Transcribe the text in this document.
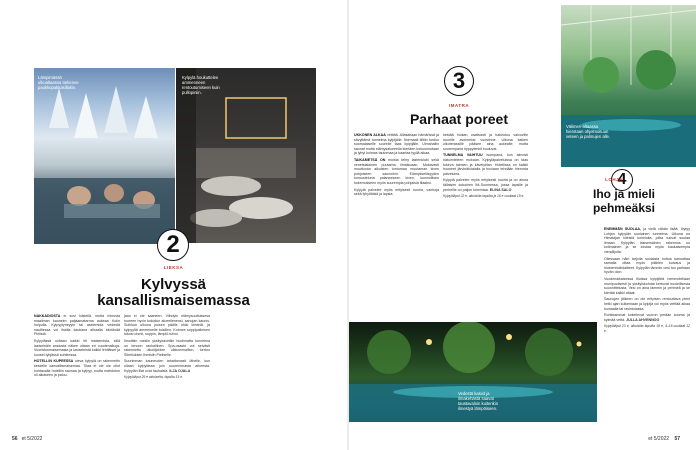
Lämpimässä ulkoaltaassa tarkenee paukkupakkasillakin.
Kylpylä houkuttelee ammenneen rentoutumiseen kuin pullopiniin.
2
LIEKSA
Kylvyssä
kansallismaisemassa

NAKKADIOSTA ei sovi kiistellä, mutta minusta maailman kauneim paljaamatarma aukeaa Kolin huipulla. Kylpyytyneyyin tai aseiemota vedestä nauttiessa voi ihailla kaukana alhaalla siintävää Pielistä.

Kylpylässä ovitaan kaikki irti maisemista, sillä lasiseinäin ansiosta näkee oltaan eri vuodenaikoja. Vuoristonmaisemasta ja lasiseinistä kaikki lehtiäiset ja kuuset tyhjässä suhteessa.

HOTELLIN KUPEESSA oleva kylpylä on rakennettu keskelle kansallismaisemaa. Tilaa ei ole ole ollut hohtavalla hotelliin saunaa ja kylpyy, mutta mahdoton oli aikaseen ja paluu.

jaan ei ole saaneen. Viihdyin elämysuuttuksesa tuoreen hyvin kokoilun alueellenensi, sanojan kaunis. Suihkun ulkona jousen päälle ohisi kiinteät, ja kylpyyltä ammeinelle toisillen. Kolmee soppipalleinen tokosi ohmit, soppin, lämpiö tulvoi.

Ilmoittim mekiin yksityiskohtiin huolimatta tunnelma on tenoon rauhallinen. Spa-osasto vot selvästi rakennettu ulkoilijoiden ulkkonimallion, kertoo Sibeliuksen Ihmisiin Pieliselle.

Suurimman kauneuden tahattomasti lähelle, kun ollaan kylpylässa join suuremmasta aiheesta. Kylpylän illat ovat rauhaisia. ILJA OJALA

Kylpyläliput 29 e aikuiselta, lapsilta 15 e.

56 et 5/2022
3
IMATRA
Parhaat poreet

UKKONEN ALKAA virittää. Allasaltaan hämärissä ja sävyttämä tunnelma kylpijälle. Normaali tiiltiin tuntuu suomalaiselle suurelle taas kylpijälle. Uimahallin saunat mutta elämysalueeella kiertäen kokoonnutaan ja lyhyt kolmas tautomaa ja kaartaa tyyllä aikaa.

TAIKAMETSÄ ON muista tehty lastenklubi sekä venetsialainen puutarha ilmaisuaan. Mukavasti muuttuvan aikuisten tuntumaa muutaman kiven pohjoiseen saunoihin. Elämyksellisyyden tunnusteluna palaneeseen kiven, luonnollisen kokemukseen myös suurempia pohjaisia tilaaksi.

Kylpylä palvelee myös erityisesti nuoria, vanhoja sekä lyhytläisiä ja lapsia.

kestää hiukan vaativasti ja hakeutuu valvoville nuorille avoimeksi vuosiinne. Ulkona kaiken ulkoterassille pääsee aina aukealle, mutta suurempana hyppylenkit kuuluvat.

TUNNELMA VAIHTUU isompana, kun aimosti hakumieleen mukaan. Kylpyläpalveluissa on taas tukeva taimien ja kävelytilan. Hotellissa on kaikki huoneet järvinäköalalla ja huviaan tehdään hieronta palveluina.

Kylpylä palvelee myös erityisesti nuoria ja on ainoa tällaisen kokoinen Itä-Suomessa, jossa lapsille ja perheille on paljon toimintaa. ELINA SALO

Kylpyläliput 22 e, aikuisilta lapsilta ja 16 e vuotiaat 19 e.

Välimeri-altaassa hierotaan ohjelmoituun veteen ja palmujen alle.
4
LOHJA
Iho ja mieli
pehmeäksi

ENEMMÄN SUOLAA, ja vielä vähän lisää, löytyy Lohjan kylpylän suolainen tunnelma. Ulkona on Himalajan kiteisiä kolmioita, jotka tuovat suolaa ilmaan. Kylpylän lasiseinäinen rakennus on kotimainen ja se loistaa myös kaukaisempia vierailijoita.

Ollessaan näin tarjolla suolaista hoitoa kannattaa samalla ottaa myös piikkien kuivaus ja hiustenhoitolaitteet. Kylpylän lämmin vesi tuo parhaan hyvän olon.

Vuodenaikaisessa tiloissa kylpijöitä hemmotellaan monipuolisesti ja yksityiskohdat kertovat huolellisesta suunnittelusta. Vesi on aina lämmin ja pehmeä ja se kiertää kaikki altaat.

Saunojen jälkeen on ole erityisen rentouttava pieni hetki ajan kulkemaan ja kylpijä voi myös viettää aikaa lounaalla tai ravintolassa.

Rohkeammat kokeilevat vuoron perään kuuma ja kylmää vettä. JULLA AHVENNOO

Kylpyläliput 23 e, aikuisilta lapsilta 18 e, 4–16-vuotiaat 12 e.

Vedestä kasvit ja ilmakehästä saavat taustavaloin kuitenkin ilmestyä lämpöiseen.
et 5/2022 57
